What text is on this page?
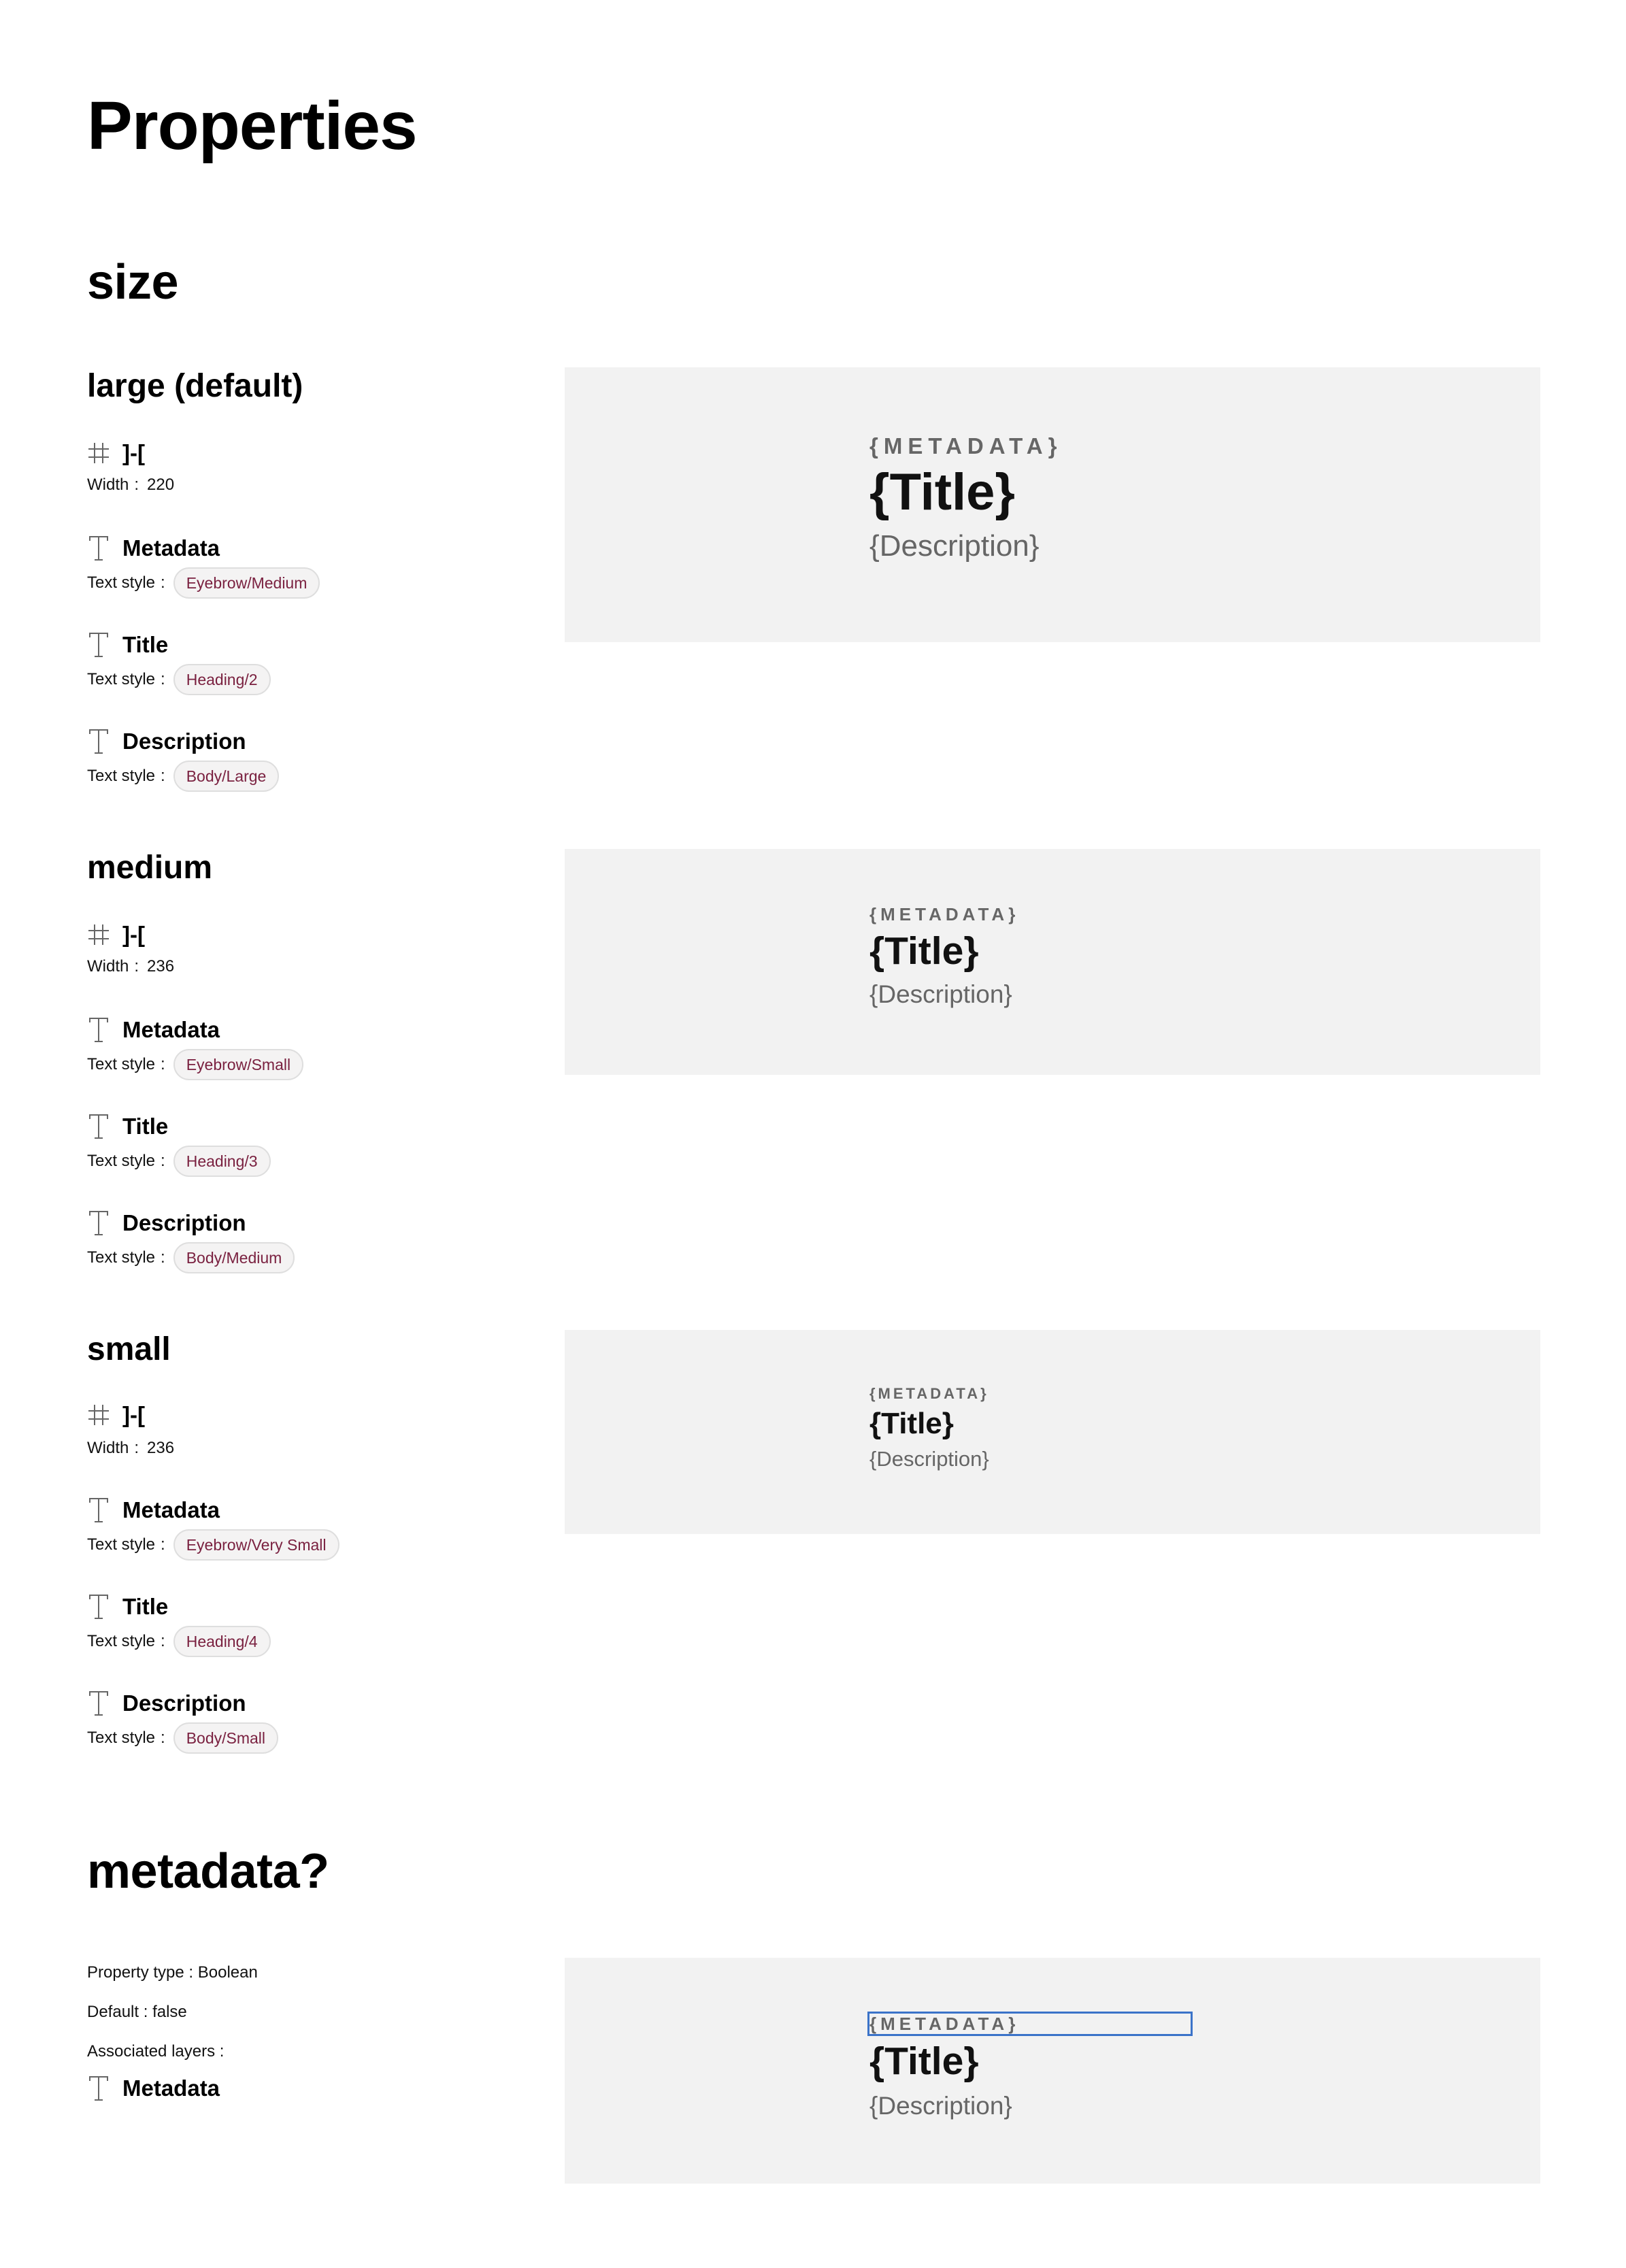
Properties
size
large (default)
]-[
Width : 220
Metadata
Text style :	Eyebrow/Medium
Title
Text style :	Heading/2
Description
Text style :	Body/Large
{METADATA}
{Title}
{Description}
medium
]-[
Width : 236
Metadata
Text style :	Eyebrow/Small
Title
Text style :	Heading/3
Description
Text style :	Body/Medium
{METADATA}
{Title}
{Description}
small
]-[
Width : 236
Metadata
Text style :	Eyebrow/Very Small
Title
Text style :	Heading/4
Description
Text style :	Body/Small
{METADATA}
{Title}
{Description}
metadata?
Property type : Boolean
Default : false
Associated layers :
Metadata
{METADATA}
{Title}
{Description}
